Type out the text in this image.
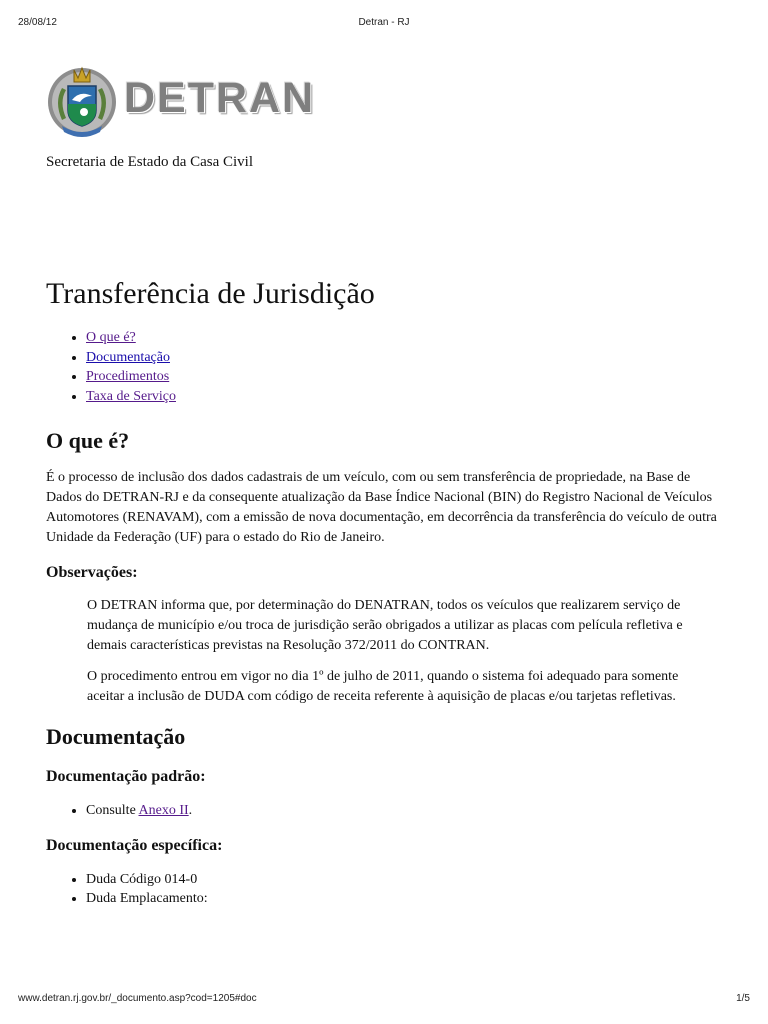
28/08/12	Detran - RJ
DETRAN
Secretaria de Estado da Casa Civil
Transferência de Jurisdição
• O que é?
• Documentação
• Procedimentos
• Taxa de Serviço
O que é?

É o processo de inclusão dos dados cadastrais de um veículo, com ou sem transferência de propriedade, na Base de Dados do DETRAN-RJ e da consequente atualização da Base Índice Nacional (BIN) do Registro Nacional de Veículos Automotores (RENAVAM), com a emissão de nova documentação, em decorrência da transferência do veículo de outra Unidade da Federação (UF) para o estado do Rio de Janeiro.

Observações:

O DETRAN informa que, por determinação do DENATRAN, todos os veículos que realizarem serviço de mudança de município e/ou troca de jurisdição serão obrigados a utilizar as placas com película refletiva e demais características previstas na Resolução 372/2011 do CONTRAN.

O procedimento entrou em vigor no dia 1º de julho de 2011, quando o sistema foi adequado para somente aceitar a inclusão de DUDA com código de receita referente à aquisição de placas e/ou tarjetas refletivas.

Documentação
Documentação padrão:
• Consulte Anexo II.
Documentação específica:
• Duda Código 014-0
• Duda Emplacamento:
www.detran.rj.gov.br/_documento.asp?cod=1205#doc	1/5
